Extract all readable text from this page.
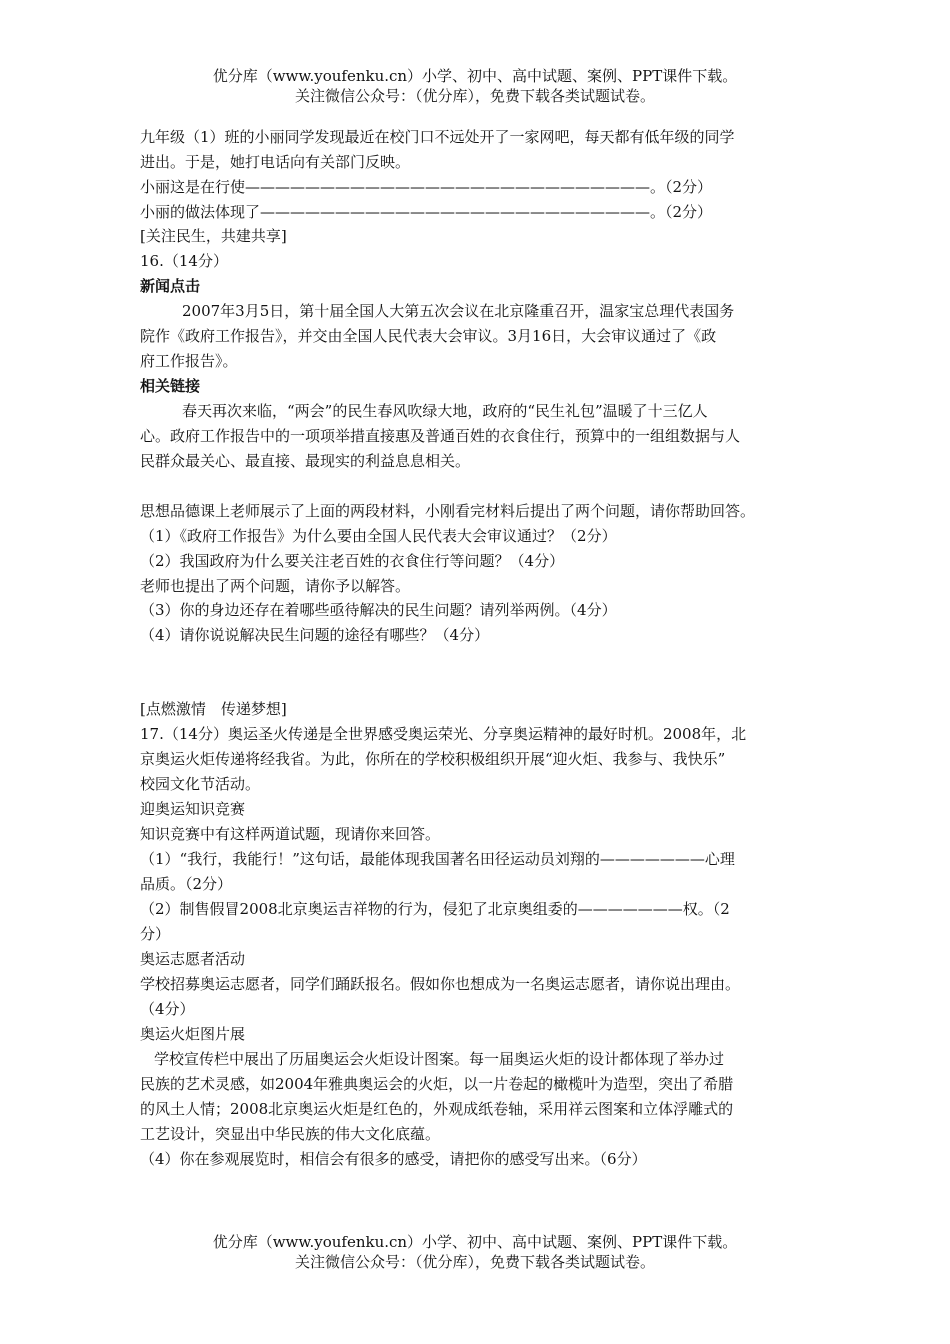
优分库（www.youfenku.cn）小学、初中、高中试题、案例、PPT课件下载。
关注微信公众号：（优分库），免费下载各类试题试卷。
九年级（1）班的小丽同学发现最近在校门口不远处开了一家网吧，每天都有低年级的同学
进出。于是，她打电话向有关部门反映。
小丽这是在行使———————————————————————————。（2分）
小丽的做法体现了——————————————————————————。（2分）
[关注民生，共建共享]
16.（14分）
新闻点击
2007年3月5日，第十届全国人大第五次会议在北京隆重召开，温家宝总理代表国务
院作《政府工作报告》，并交由全国人民代表大会审议。3月16日，大会审议通过了《政
府工作报告》。
相关链接
春天再次来临，“两会”的民生春风吹绿大地，政府的“民生礼包”温暖了十三亿人
心。政府工作报告中的一项项举措直接惠及普通百姓的衣食住行，预算中的一组组数据与人
民群众最关心、最直接、最现实的利益息息相关。
思想品德课上老师展示了上面的两段材料，小刚看完材料后提出了两个问题，请你帮助回答。
（1）《政府工作报告》为什么要由全国人民代表大会审议通过？（2分）
（2）我国政府为什么要关注老百姓的衣食住行等问题？（4分）
老师也提出了两个问题，请你予以解答。
（3）你的身边还存在着哪些亟待解决的民生问题？请列举两例。（4分）
（4）请你说说解决民生问题的途径有哪些？（4分）
[点燃激情　传递梦想]
17.（14分）奥运圣火传递是全世界感受奥运荣光、分享奥运精神的最好时机。2008年，北
京奥运火炬传递将经我省。为此，你所在的学校积极组织开展“迎火炬、我参与、我快乐”
校园文化节活动。
迎奥运知识竞赛
知识竞赛中有这样两道试题，现请你来回答。
（1）“我行，我能行！”这句话，最能体现我国著名田径运动员刘翔的———————心理
品质。（2分）
（2）制售假冒2008北京奥运吉祥物的行为，侵犯了北京奥组委的———————权。（2
分）
奥运志愿者活动
学校招募奥运志愿者，同学们踊跃报名。假如你也想成为一名奥运志愿者，请你说出理由。
（4分）
奥运火炬图片展
学校宣传栏中展出了历届奥运会火炬设计图案。每一届奥运火炬的设计都体现了举办过
民族的艺术灵感，如2004年雅典奥运会的火炬，以一片卷起的橄榄叶为造型，突出了希腊
的风土人情；2008北京奥运火炬是红色的，外观成纸卷轴，采用祥云图案和立体浮雕式的
工艺设计，突显出中华民族的伟大文化底蕴。
（4）你在参观展览时，相信会有很多的感受，请把你的感受写出来。（6分）
优分库（www.youfenku.cn）小学、初中、高中试题、案例、PPT课件下载。
关注微信公众号：（优分库），免费下载各类试题试卷。
